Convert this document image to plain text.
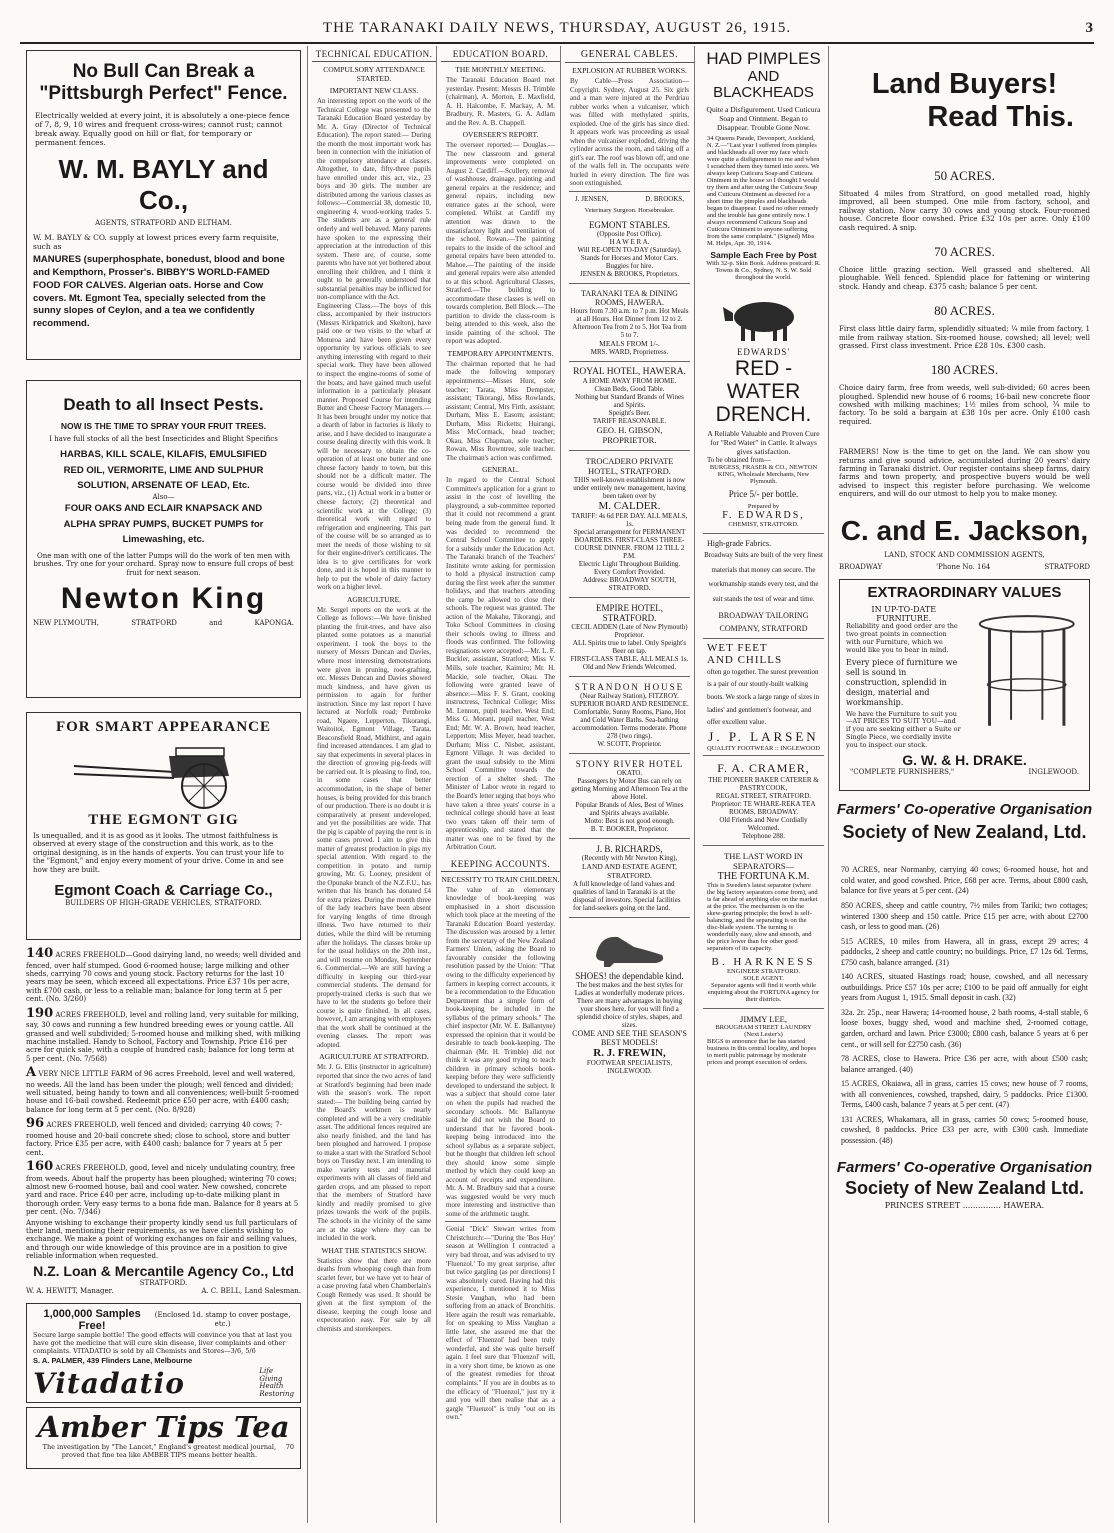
THE TARANAKI DAILY NEWS, THURSDAY, AUGUST 26, 1915.	3
No Bull Can Break a
"Pittsburgh Perfect" Fence.
Electrically welded at every joint, it is absolutely a one-piece fence of 7, 8, 9, 10 wires and frequent cross-wires; cannot rust; cannot break away. Equally good on hill or flat, for temporary or permanent fences.
W. M. BAYLY and Co.,
AGENTS, STRATFORD AND ELTHAM.
W. M. BAYLY & CO. supply at lowest prices every farm requisite, such as
MANURES (superphosphate, bonedust, blood and bone and Kempthorn, Prosser's. BIBBY'S WORLD-FAMED FOOD FOR CALVES. Algerian oats. Horse and Cow covers. Mt. Egmont Tea, specially selected from the sunny slopes of Ceylon, and a tea we confidently recommend.
Death to all Insect Pests.
NOW IS THE TIME TO SPRAY YOUR FRUIT TREES.
I have full stocks of all the best Insecticides and Blight Specifics
HARBAS, KILL SCALE, KILAFIS, EMULSIFIED
RED OIL, VERMORITE, LIME AND SULPHUR
SOLUTION, ARSENATE OF LEAD, Etc.
Also—
FOUR OAKS AND ECLAIR KNAPSACK AND
ALPHA SPRAY PUMPS, BUCKET PUMPS for
Limewashing, etc.
One man with one of the latter Pumps will do the work of ten men with brushes. Try one for your orchard. Spray now to ensure full crops of best fruit for next season.
Newton King
NEW PLYMOUTH,	STRATFORD	and	KAPONGA.
FOR SMART APPEARANCE
THE EGMONT GIG
Is unequalled, and it is as good as it looks. The utmost faithfulness is observed at every stage of the construction and this work, as to the original designing, is in the hands of experts. You can trust your life to the "Egmont," and enjoy every moment of your drive. Come in and see how they are built.
Egmont Coach & Carriage Co.,
BUILDERS OF HIGH-GRADE VEHICLES, STRATFORD.
140 ACRES FREEHOLD—Good dairying land, no weeds; well divided and fenced, over half stumped. Good 6-roomed house; large milking and other sheds, carrying 70 cows and young stock. Factory returns for the last 10 years may be seen, which exceed all expectations. Price £37 10s per acre, with £700 cash, or less to a reliable man; balance for long term at 5 per cent. (No. 3/260)
190 ACRES FREEHOLD, level and rolling land, very suitable for milking, say, 30 cows and running a few hundred breeding ewes or young cattle. All grassed and well subdivided; 5-roomed house and milking shed, with milking machine installed. Handy to School, Factory and Township. Price £16 per acre for quick sale, with a couple of hundred cash; balance for long term at 5 per cent. (No. 7/568)
A VERY NICE LITTLE FARM of 96 acres Freehold, level and well watered, no weeds. All the land has been under the plough; well fenced and divided; well situated, being handy to town and all conveniences; well-built 5-roomed house and 16-bail cowshed. Redeemit price £50 per acre, with £400 cash; balance for long term at 5 per cent. (No. 8/928)
96 ACRES FREEHOLD, well fenced and divided; carrying 40 cows; 7-roomed house and 20-bail concrete shed; close to school, store and butter factory. Price £35 per acre, with £400 cash; balance for 7 years at 5 per cent.
160 ACRES FREEHOLD, good, level and nicely undulating country, free from weeds. About half the property has been ploughed; wintering 70 cows; almost new 6-roomed house, bail and cool water. New cowshed, concrete yard and race. Price £40 per acre, including up-to-date milking plant in thorough order. Very easy terms to a bona fide man. Balance for 8 years at 5 per cent. (No. 7/346)
Anyone wishing to exchange their property kindly send us full particulars of their land, mentioning their requirements, as we have clients wishing to exchange. We make a point of working exchanges on fair and selling values, and through our wide knowledge of this province are in a position to give reliable information when requested.
N.Z. Loan & Mercantile Agency Co., Ltd
STRATFORD.
W. A. HEWITT, Manager.	A. C. BELL, Land Salesman.
1,000,000 Samples Free!
(Enclosed 1d. stamp to cover postage, etc.)
Secure large sample bottle! The good effects will convince you that at last you have got the medicine that will cure skin disease, liver complaints and other complaints. VITADATIO is sold by all Chemists and Stores—3/6, 5/6
S. A. PALMER, 439 Flinders Lane, Melbourne
Vitadatio	Life
Giving
Health
Restoring
Amber Tips Tea
The investigation by "The Lancet," England's greatest medical journal, proved that fine tea like AMBER TIPS means better health.
70
TECHNICAL EDUCATION.
COMPULSORY ATTENDANCE STARTED.
IMPORTANT NEW CLASS.
An interesting report on the work of the Technical College was presented to the Taranaki Education Board yesterday by Mr. A. Gray (Director of Technical Education). The report stated:— During the month the most important work has been in connection with the initiation of the compulsory attendance at classes. Altogether, to date, fifty-three pupils have enrolled under this act, viz., 23 boys and 30 girls. The number are distributed among the various classes as follows:—Commercial 38, domestic 10, engineering 4, wood-working trades 5. The students are as a general rule orderly and well behaved. Many parents have spoken to me expressing their appreciation at the introduction of this system. There are, of course, some parents who have not yet bothered about enrolling their children, and I think it ought to be generally understood that substantial penalties may be inflicted for non-compliance with the Act.
Engineering Class.—The boys of this class, accompanied by their instructors (Messrs Kirkpatrick and Skelton), have paid one or two visits to the wharf at Moturoa and have been given every opportunity by various officials to see anything interesting with regard to their special work. They have been allowed to inspect the engine-rooms of some of the boats, and have gained much useful information in a particularly pleasant manner. Proposed Course for intending Butter and Cheese Factory Managers.—It has been brought under my notice that a dearth of labor in factories is likely to arise, and I have decided to inaugurate a course dealing directly with this work. It will be necessary to obtain the co-operation of at least one butter and one cheese factory handy to town, but this should not be a difficult matter. The course would be divided into three parts, viz., (1) Actual work in a butter or cheese factory; (2) theoretical and scientific work at the College; (3) theoretical work with regard to refrigeration and engineering. This part of the course will be so arranged as to meet the needs of those wishing to sit for their engine-driver's certificates. The idea is to give certificates for work done, and it is hoped in this manner to help to put the whole of dairy factory work on a higher level.
AGRICULTURE.
Mr. Sergel reports on the work at the College as follows:—We have finished planting the fruit-trees, and have also planted some potatoes as a manurial experiment. I took the boys to the nursery of Messrs Duncan and Davies, where most interesting demonstrations were given in pruning, root-grafting, etc. Messrs Duncan and Davies showed much kindness, and have given us permission to again for further instruction. Since my last report I have lectured at Norfolk road; Pembroke road, Ngaere, Lepperton, Tikorangi, Waitoitoi, Egmont Village, Tarata, Beaconsfield Road, Midhirst, and again find increased attendances. I am glad to say that experiments in several places in the direction of growing pig-feeds will be carried out. It is pleasing to find, too, in some cases that better accommodation, in the shape of better houses, is being provided for this branch of our production. There is no doubt it is comparatively at present undeveloped, and yet the possibilities are wide. That the pig is capable of paying the rent is in some cases proved. I aim to give this matter of greatest production in pigs my special attention. With regard to the competition in potato and turnip growing, Mr. G. Looney, president of the Opunake branch of the N.Z.F.U., has written that his branch has donated £4 for extra prizes. During the month three of the lady teachers have been absent for varying lengths of time through illness. Two have returned to their duties, while the third will be returning after the holidays. The classes broke up for the usual holidays on the 20th inst., and will resume on Monday, September 6. Commercial.—We are still having a difficulty in keeping our third-year commercial students. The demand for properly-trained clerks is such that we have to let the students go before their course is quite finished. In all cases, however, I am arranging with employers that the work shall be continued at the evening classes. The report was adopted.
AGRICULTURE AT STRATFORD.
Mr. J. G. Ellis (instructor in agriculture) reported that since the two acres of land at Stratford's beginning had been made with the season's work. The report stated:— The building being carried by the Board's workmen is nearly completed and will be a very creditable asset. The additional fences required are also nearly finished, and the land has been ploughed and harrowed. I propose to make a start with the Stratford School boys on Tuesday next. I am intending to make variety tests and manurial experiments with all classes of field and garden crops, and am pleased to report that the members of Stratford have kindly and readily promised to give prizes towards the work of the pupils. The schools in the vicinity of the same are at the stage where they can be included in the work.
WHAT THE STATISTICS SHOW.
Statistics show that there are more deaths from whooping cough than from scarlet fever, but we have yet to hear of a case proving fatal when Chamberlain's Cough Remedy was used. It should be given at the first symptom of the disease, keeping the cough loose and expectoration easy. For sale by all chemists and storekeepers.
EDUCATION BOARD.
THE MONTHLY MEETING.
The Taranaki Education Board met yesterday. Present: Messrs H. Trimble (chairman), A. Morton, E. Maxfield, A. H. Halcombe, F. Mackay, A. M. Bradbury, R. Masters, G. A. Adlam and the Rev. A. B. Chappell.
OVERSEER'S REPORT.
The overseer reported:— Douglas.—The new classroom and general improvements were completed on August 2. Cardiff.—Scullery, removal of washhouse, drainage, painting and general repairs at the residence; and general repairs, including new entrance gates at the school, were completed. Whilst at Cardiff my attention was drawn to the unsatisfactory light and ventilation of the school. Rowan.—The painting repairs to the inside of the school and general repairs have been attended to. Mahoe.—The painting of the inside and general repairs were also attended to at this school. Agricultural Classes, Stratford.—The building to accommodate these classes is well on towards completion. Bell Block.—The partition to divide the class-room is being attended to this week, also the inside painting of the school. The report was adopted.
TEMPORARY APPOINTMENTS.
The chairman reported that he had made the following temporary appointments:—Misses Hunt, sole teacher; Tarata, Miss Dempster, assistant; Tikorangi, Miss Rowlands, assistant; Central, Mrs Firth, assistant; Durham, Miss E. Easom; assistant; Durham, Miss Ricketts; Huirangi, Miss McCormack, head teacher; Okau, Miss Chapman, sole teacher; Rowan, Miss Rowntree, sole teacher. The chairman's action was confirmed.
GENERAL.
In regard to the Central School Committee's application for a grant to assist in the cost of levelling the playground, a sub-committee reported that it could not recommend a grant being made from the general fund. It was decided to recommend the Central School Committee to apply for a subsidy under the Education Act. The Taranaki branch of the Teachers' Institute wrote asking for permission to hold a physical instruction camp during the first week after the summer holidays, and that teachers attending the camp be allowed to close their schools. The request was granted. The action of the Makahu, Tikorangi, and Toko School Committees in closing their schools owing to illness and floods was confirmed. The following resignations were accepted:—Mr. L. F. Buckler, assistant, Stratford; Miss V. Mills, sole teacher, Kaimiro; Mr. H. Mackie, sole teacher, Okau. The following were granted leave of absence:—Miss F. S. Grant, cooking instructress, Technical College; Miss M. Lennon, pupil teacher, West End; Miss G. Morant, pupil teacher, West End; Mr. W. A. Brown, head teacher, Lepperton; Miss Meyer, head teacher, Durham; Miss C. Nisbet, assistant, Egmont Village. It was decided to grant the usual subsidy to the Mimi School Committee towards the erection of a shelter shed. The Minister of Labor wrote in regard to the Board's letter urging that boys who have taken a three years' course in a technical college should have at least two years taken off their term of apprenticeship, and stated that the matter was one to be fixed by the Arbitration Court.
KEEPING ACCOUNTS.
NECESSITY TO TRAIN CHILDREN.
The value of an elementary knowledge of book-keeping was emphasised in a short discussion which took place at the meeting of the Taranaki Education Board yesterday. The discussion was aroused by a letter from the secretary of the New Zealand Farmers' Union, asking the Board to favourably consider the following resolution passed by the Union: "That owing to the difficulty experienced by farmers in keeping correct accounts, it be a recommendation to the Education Department that a simple form of book-keeping be included in the syllabus of the primary schools." The chief inspector (Mr. W. E. Ballantyne) expressed the opinion that it would be desirable to teach book-keeping. The chairman (Mr. H. Trimble) did not think it was any good trying to teach children in primary schools book-keeping before they were sufficiently developed to understand the subject. It was a subject that should come later on when the pupils had reached the secondary schools. Mr. Ballantyne said he did not wish the Board to understand that he favored book-keeping being introduced into the school syllabus as a separate subject, but he thought that children left school they should know some simple method by which they could keep an account of receipts and expenditure. Mr. A. M. Bradbury said that a course was suggested would be very much more interesting and instructive than some of the arithmetic taught.
Genial "Dick" Stewart writes from Christchurch:—"During the 'Bos Huy' season at Wellington I contracted a very bad throat, and was advised to try 'Fluenzol.' To my great surprise, after but twice gargling (as per directions) I was absolutely cured. Having had this experience, I mentioned it to Miss Stesie Vaughan, who had been suffering from an attack of Bronchitis. Here again the result was remarkable, for on speaking to Miss Vaughan a little later, she assured me that the effect of 'Fluenzol' had been truly wonderful, and she was quite herself again. I feel sure that 'Fluenzol' will, in a very short time, be known as one of the greatest remedies for throat complaints." If you are in doubts as to the efficacy of "Fluenzol," just try it and you will then realise that as a gargle "Fluenzol" is truly "out on its own."
GENERAL CABLES.
EXPLOSION AT RUBBER WORKS.
By Cable—Press Association—Copyright. Sydney, August 25. Six girls and a man were injured at the Perdriau rubber works when a vulcaniser, which was filled with methylated spirits, exploded. One of the girls has since died. It appears work was proceeding as usual when the vulcaniser exploded, driving the cylinder across the room, and taking off a girl's ear. The roof was blown off, and one of the walls fell in. The occupants were hurled in every direction. The fire was soon extinguished.
J. JENSEN,	D. BROOKS,
Veterinary Surgeon. Horsebreaker.
EGMONT STABLES.
(Opposite Post Office).
H A W E R A.
Will RE-OPEN TO-DAY (Saturday). Stands for Horses and Motor Cars. Buggies for hire.
JENSEN & BROOKS, Proprietors.
TARANAKI TEA & DINING ROOMS, HAWERA.
Hours from 7.30 a.m. to 7 p.m. Hot Meals at all Hours. Hot Dinner from 12 to 2. Afternoon Tea from 2 to 5. Hot Tea from 5 to 7.
MEALS FROM 1/-.
MRS. WARD, Proprietress.
ROYAL HOTEL, HAWERA.
A HOME AWAY FROM HOME.
Clean Beds, Good Table.
Nothing but Standard Brands of Wines and Spirits.
Speight's Beer.
TARIFF REASONABLE.
GEO. H. GIBSON, PROPRIETOR.
TROCADERO PRIVATE HOTEL, STRATFORD.
THIS well-known establishment is now under entirely new management, having been taken over by
M. CALDER.
TARIFF: 4s 6d PER DAY. ALL MEALS, 1s.
Special arrangement for PERMANENT BOARDERS. FIRST-CLASS THREE-COURSE DINNER. FROM 12 TILL 2 P.M.
Electric Light Throughout Building. Every Comfort Provided.
Address: BROADWAY SOUTH, STRATFORD.
EMPIRE HOTEL, STRATFORD.
CECIL ADDEN (Late of New Plymouth) Proprietor.
ALL Spirits true to label. Only Speight's Beer on tap.
FIRST-CLASS TABLE. ALL MEALS 1s.
Old and New Friends Welcomed.
STRANDON HOUSE
(Near Railway Station), FITZROY.
SUPERIOR BOARD AND RESIDENCE.
Comfortable, Sunny Rooms, Piano, Hot and Cold Water Baths. Sea-bathing accommodation. Terms moderate. Phone 278 (two rings).
W. SCOTT, Proprietor.
STONY RIVER HOTEL
OKATO.
Passengers by Motor Bus can rely on getting Morning and Afternoon Tea at the above Hotel.
Popular Brands of Ales, Best of Wines and Spirits always available.
Motto: Best is not good enough.
B. T. BOOKER, Proprietor.
J. B. RICHARDS,
(Recently with Mr Newton King),
LAND AND ESTATE AGENT,
STRATFORD.
A full knowledge of land values and qualities of land in Taranaki is at the disposal of investors. Special facilities for land-seekers going on the land.
SHOES! the dependable kind.
The best makes and the best styles for Ladies at wonderfully moderate prices. There are many advantages in buying your shoes here, for you will find a splendid choice of styles, shapes, and sizes.
COME AND SEE THE SEASON'S BEST MODELS!
R. J. FREWIN,
FOOTWEAR SPECIALISTS,
INGLEWOOD.
HAD PIMPLES
AND BLACKHEADS
Quite a Disfigurement. Used Cuticura Soap and Ointment. Began to Disappear. Trouble Gone Now.
34 Queens Parade, Devonport, Auckland, N. Z.—"Last year I suffered from pimples and blackheads all over my face which were quite a disfigurement to me and when I scratched them they turned into sores. We always keep Cuticura Soap and Cuticura Ointment in the house so I thought I would try them and after using the Cuticura Soap and Cuticura Ointment as directed for a short time the pimples and blackheads began to disappear. I used no other remedy and the trouble has gone entirely now. I always recommend Cuticura Soap and Cuticura Ointment to anyone suffering from the same complaint." (Signed) Miss M. Helps, Apr. 30, 1914.
Sample Each Free by Post
With 32-p. Skin Book. Address postcard: R. Towns & Co., Sydney, N. S. W. Sold throughout the world.
EDWARDS'
RED - WATER
DRENCH.
A Reliable Valuable and Proven Cure for "Red Water" in Cattle. It always gives satisfaction.
To be obtained from—
BURGESS, FRASER & CO., NEWTON KING, Wholesale Merchants, New Plymouth.
Price 5/- per bottle.
Prepared by
F. EDWARDS,
CHEMIST, STRATFORD.
High-grade Fabrics.
Broadway Suits are built of the very finest materials that money can secure. The workmanship stands every test, and the suit stands the test of wear and time.
BROADWAY TAILORING
COMPANY, STRATFORD
WET FEET
AND CHILLS
often go together. The surest prevention is a pair of our stoutly-built walking boots. We stock a large range of sizes in ladies' and gentlemen's footwear, and offer excellent value.
J. P. LARSEN
QUALITY FOOTWEAR :: INGLEWOOD
F. A. CRAMER,
THE PIONEER BAKER CATERER & PASTRYCOOK,
REGAL STREET, STRATFORD.
Proprietor: TE WHARE-REKA TEA ROOMS, BROADWAY.
Old Friends and New Cordially Welcomed.
Telephone 288.
THE LAST WORD IN SEPARATORS—
THE FORTUNA K.M.
This is Sweden's latest separator (where the big factory separators come from), and is far ahead of anything else on the market at the price. The mechanism is on the skew-gearing principle; the bowl is self-balancing, and the separating is on the disc-blade system. The turning is wonderfully easy, slow and smooth, and the price lower than for other good separators of its capacity.
B. HARKNESS
ENGINEER STRATFORD.
SOLE AGENT.
Separator agents will find it worth while enquiring about the FORTUNA agency for their districts.
JIMMY LEE,
BROUGHAM STREET LAUNDRY
(Next Lester's)
BEGS to announce that he has started business in this central locality, and hopes to merit public patronage by moderate prices and prompt execution of orders.
Land Buyers!
Read This.
50 ACRES.
Situated 4 miles from Stratford, on good metalled road, highly improved, all been stumped. One mile from factory, school, and railway station. Now carry 30 cows and young stock. Four-roomed house. Concrete floor cowshed. Price £32 10s per acre. Only £100 cash required. A snip.
70 ACRES.
Choice little grazing section. Well grassed and sheltered. All ploughable. Well fenced. Splendid place for fattening or wintering stock. Handy and cheap. £375 cash; balance 5 per cent.
80 ACRES.
First class little dairy farm, splendidly situated; ¼ mile from factory, 1 mile from railway station. Six-roomed house, cowshed; all level; well grassed. First class investment. Price £28 10s. £300 cash.
180 ACRES.
Choice dairy farm, free from weeds, well sub-divided; 60 acres been ploughed. Splendid new house of 6 rooms; 16-bail new concrete floor cowshed with milking machines; 1½ miles from school, ¾ mile to factory. To be sold a bargain at £38 10s per acre. Only £100 cash required.
FARMERS! Now is the time to get on the land. We can show you returns and give sound advice, accumulated during 20 years' dairy farming in Taranaki district. Our register contains sheep farms, dairy farms and town property, and prospective buyers would be well advised to inspect this register before purchasing. We welcome enquirers, and will do our utmost to help you to make money.
C. and E. Jackson,
LAND, STOCK AND COMMISSION AGENTS,
BROADWAY	'Phone No. 164	STRATFORD
EXTRAORDINARY VALUES
IN UP-TO-DATE FURNITURE.
Reliability and good order are the two great points in connection with our Furniture, which we would like you to bear in mind.
Every piece of furniture we sell is sound in construction, splendid in design, material and workmanship.
We have the Furniture to suit you—AT PRICES TO SUIT YOU—and if you are seeking either a Suite or Single Piece, we cordially invite you to inspect our stock.
G. W. & H. DRAKE.
"COMPLETE FURNISHERS,"	INGLEWOOD.
Farmers' Co-operative Organisation
Society of New Zealand, Ltd.
70 ACRES, near Normanby, carrying 40 cows; 6-roomed house, hot and cold water, and good cowshed. Price, £68 per acre. Terms, about £800 cash, balance for five years at 5 per cent. (24)
850 ACRES, sheep and cattle country, 7½ miles from Tariki; two cottages; wintered 1300 sheep and 150 cattle. Price £15 per acre, with about £2700 cash, or less to good man. (26)
515 ACRES, 10 miles from Hawera, all in grass, except 29 acres; 4 paddocks, 2 sheep and cattle country; no buildings. Price, £7 12s 6d. Terms, £750 cash, balance arranged. (31)
140 ACRES, situated Hastings road; house, cowshed, and all necessary outbuildings. Price £57 10s per acre; £100 to be paid off annually for eight years from August 1, 1915. Small deposit in cash. (32)
32a. 2r. 25p., near Hawera; 14-roomed house, 2 bath rooms, 4-stall stable, 6 loose boxes, buggy shed, wood and machine shed, 2-roomed cottage, garden, orchard and lawn. Price £3000; £800 cash, balance 5 years at 6 per cent., or will sell for £2750 cash. (36)
78 ACRES, close to Hawera. Price £36 per acre, with about £500 cash; balance arranged. (40)
15 ACRES, Okaiawa, all in grass, carries 15 cows; new house of 7 rooms, with all conveniences, cowshed, trapshed, dairy, 5 paddocks. Price £1300. Terms, £400 cash, balance 7 years at 5 per cent. (47)
131 ACRES, Whakamara, all in grass, carries 50 cows; 5-roomed house, cowshed, 8 paddocks. Price £33 per acre, with £300 cash. Immediate possession. (48)
Farmers' Co-operative Organisation
Society of New Zealand Ltd.
PRINCES STREET ............... HAWERA.
